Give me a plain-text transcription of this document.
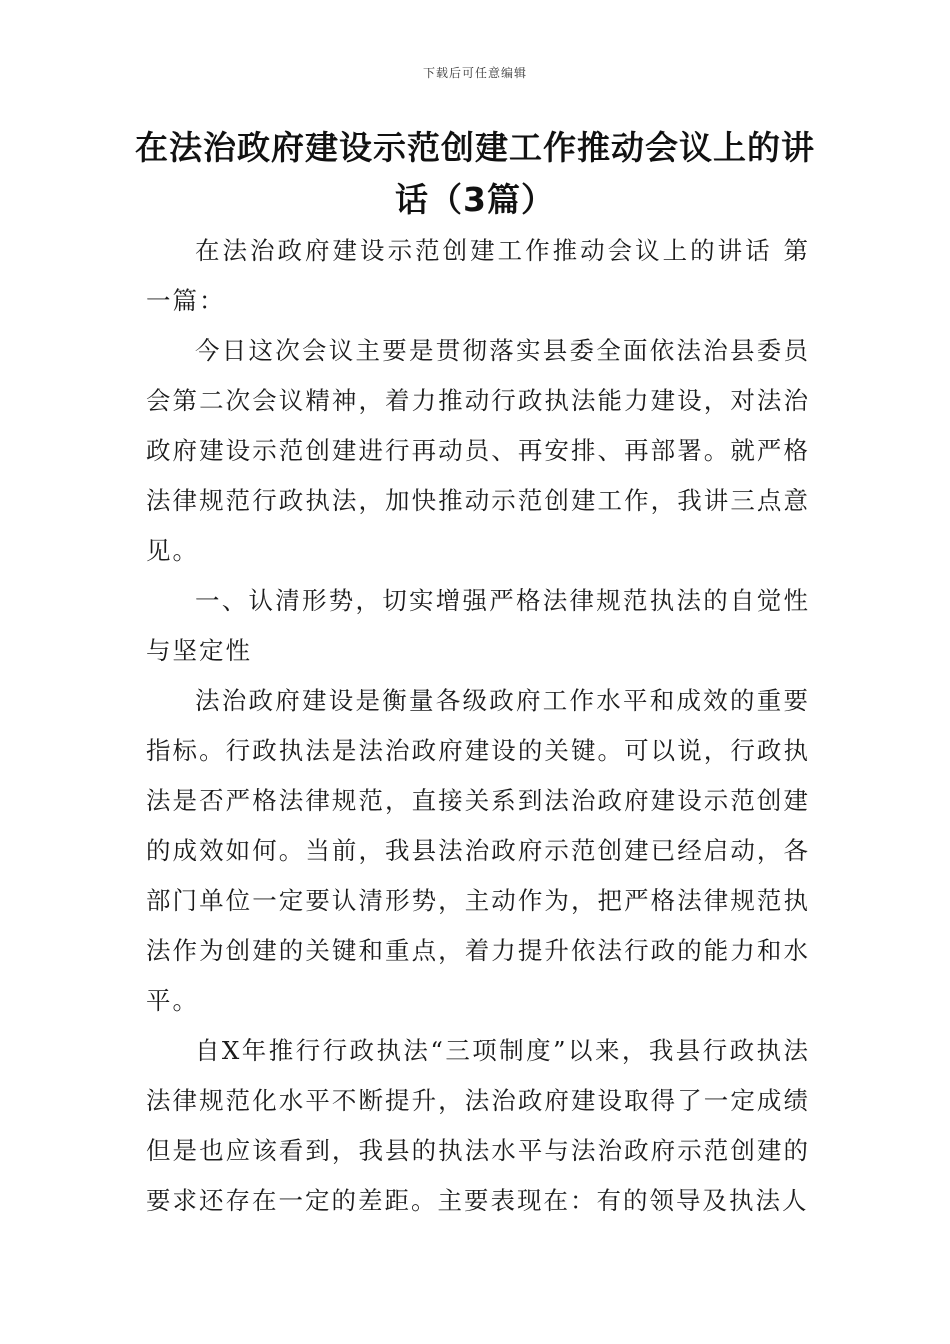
下载后可任意编辑
在法治政府建设示范创建工作推动会议上的讲话（3篇）

在法治政府建设示范创建工作推动会议上的讲话 第一篇：

今日这次会议主要是贯彻落实县委全面依法治县委员会第二次会议精神，着力推动行政执法能力建设，对法治政府建设示范创建进行再动员、再安排、再部署。就严格法律规范行政执法，加快推动示范创建工作，我讲三点意见。

一、认清形势，切实增强严格法律规范执法的自觉性与坚定性

法治政府建设是衡量各级政府工作水平和成效的重要指标。行政执法是法治政府建设的关键。可以说，行政执法是否严格法律规范，直接关系到法治政府建设示范创建的成效如何。当前，我县法治政府示范创建已经启动，各部门单位一定要认清形势，主动作为，把严格法律规范执法作为创建的关键和重点，着力提升依法行政的能力和水平。

自X年推行行政执法“三项制度”以来，我县行政执法法律规范化水平不断提升，法治政府建设取得了一定成绩但是也应该看到，我县的执法水平与法治政府示范创建的要求还存在一定的差距。主要表现在：有的领导及执法人
